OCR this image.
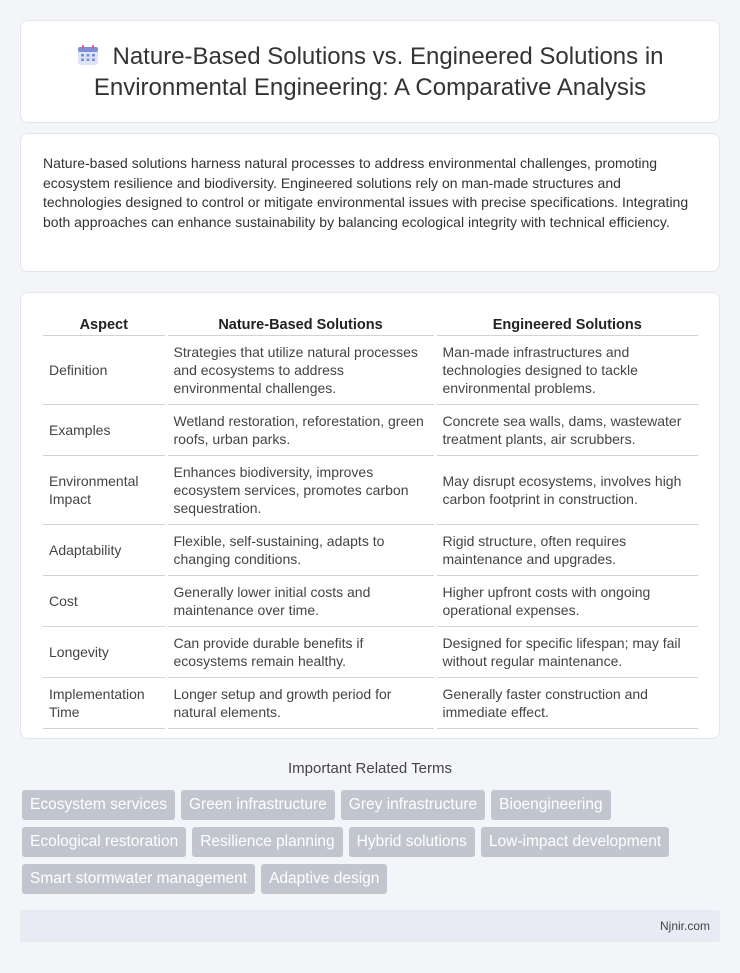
Nature-Based Solutions vs. Engineered Solutions in Environmental Engineering: A Comparative Analysis

Nature-based solutions harness natural processes to address environmental challenges, promoting ecosystem resilience and biodiversity. Engineered solutions rely on man-made structures and technologies designed to control or mitigate environmental issues with precise specifications. Integrating both approaches can enhance sustainability by balancing ecological integrity with technical efficiency.

Aspect	Nature-Based Solutions	Engineered Solutions
Definition	Strategies that utilize natural processes and ecosystems to address environmental challenges.	Man-made infrastructures and technologies designed to tackle environmental problems.
Examples	Wetland restoration, reforestation, green roofs, urban parks.	Concrete sea walls, dams, wastewater treatment plants, air scrubbers.
Environmental Impact	Enhances biodiversity, improves ecosystem services, promotes carbon sequestration.	May disrupt ecosystems, involves high carbon footprint in construction.
Adaptability	Flexible, self-sustaining, adapts to changing conditions.	Rigid structure, often requires maintenance and upgrades.
Cost	Generally lower initial costs and maintenance over time.	Higher upfront costs with ongoing operational expenses.
Longevity	Can provide durable benefits if ecosystems remain healthy.	Designed for specific lifespan; may fail without regular maintenance.
Implementation Time	Longer setup and growth period for natural elements.	Generally faster construction and immediate effect.
Important Related Terms
Ecosystem services	Green infrastructure	Grey infrastructure	Bioengineering
Ecological restoration	Resilience planning	Hybrid solutions	Low-impact development
Smart stormwater management	Adaptive design
Njnir.com
